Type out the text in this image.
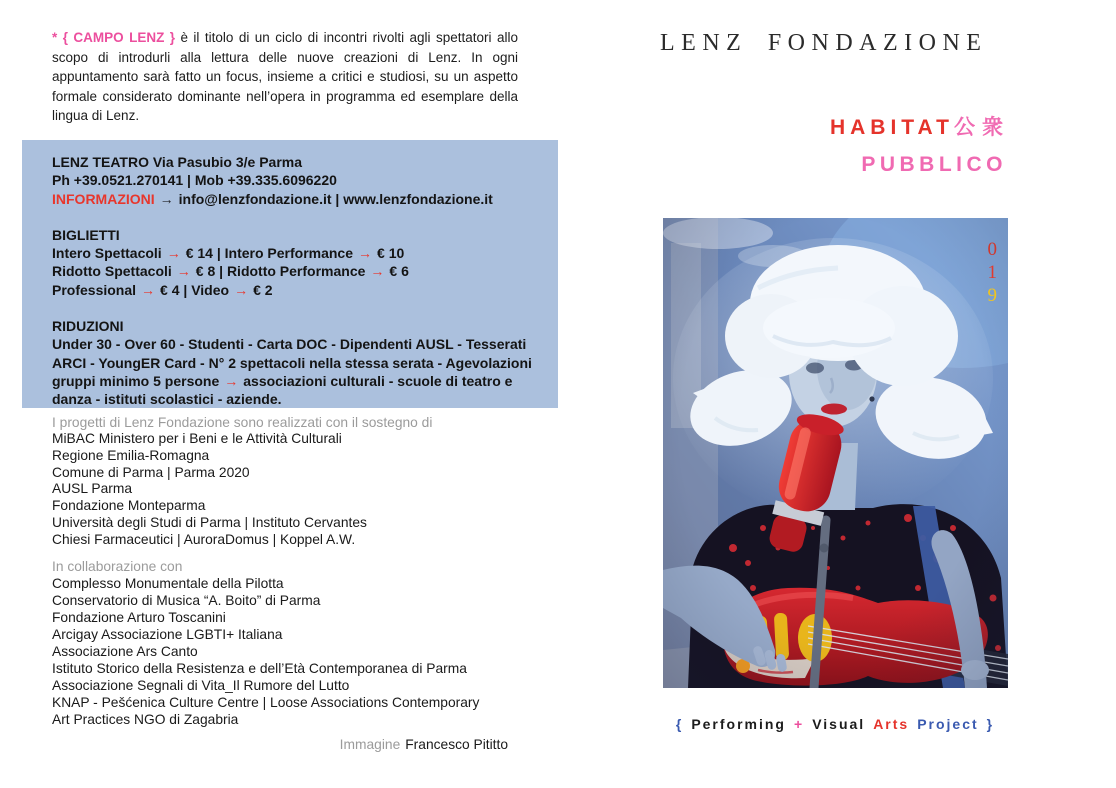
* { CAMPO LENZ } è il titolo di un ciclo di incontri rivolti agli spettatori allo scopo di introdurli alla lettura delle nuove creazioni di Lenz. In ogni appuntamento sarà fatto un focus, insieme a critici e studiosi, su un aspetto formale considerato dominante nell’opera in programma ed esemplare della lingua di Lenz.

LENZ TEATRO Via Pasubio 3/e Parma
Ph +39.0521.270141 | Mob +39.335.6096220
INFORMAZIONI → info@lenzfondazione.it | www.lenzfondazione.it
BIGLIETTI
Intero Spettacoli → € 14 | Intero Performance → € 10
Ridotto Spettacoli → € 8 | Ridotto Performance → € 6
Professional → € 4 | Video → € 2
RIDUZIONI
Under 30 - Over 60 - Studenti - Carta DOC - Dipendenti AUSL - Tesserati ARCI - YoungER Card - N° 2 spettacoli nella stessa serata - Agevolazioni gruppi minimo 5 persone → associazioni culturali - scuole di teatro e danza - istituti scolastici - aziende.
I progetti di Lenz Fondazione sono realizzati con il sostegno di
MiBAC Ministero per i Beni e le Attività Culturali
Regione Emilia-Romagna
Comune di Parma | Parma 2020
AUSL Parma
Fondazione Monteparma
Università degli Studi di Parma | Instituto Cervantes
Chiesi Farmaceutici | AuroraDomus | Koppel A.W.
In collaborazione con
Complesso Monumentale della Pilotta
Conservatorio di Musica “A. Boito” di Parma
Fondazione Arturo Toscanini
Arcigay Associazione LGBTI+ Italiana
Associazione Ars Canto
Istituto Storico della Resistenza e dell’Età Contemporanea di Parma
Associazione Segnali di Vita_Il Rumore del Lutto
KNAP - Pešćenica Culture Centre | Loose Associations Contemporary
Art Practices NGO di Zagabria
Immagine Francesco Pititto
LENZ FONDAZIONE
HABITAT公衆
PUBBLICO
0
1
9
{ Performing + Visual Arts Project }
